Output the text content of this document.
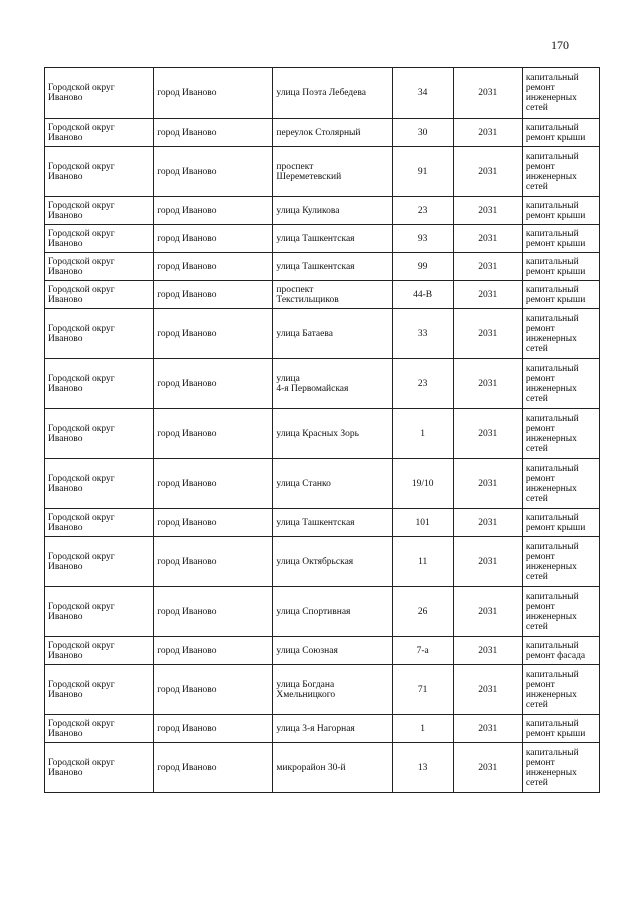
170
Городской округ
Иваново	город Иваново	улица Поэта Лебедева	34	2031	капитальный
ремонт
инженерных
сетей

Городской округ
Иваново	город Иваново	переулок Столярный	30	2031	капитальный
ремонт крыши

Городской округ
Иваново	город Иваново	проспект
Шереметевский	91	2031	капитальный
ремонт
инженерных
сетей

Городской округ
Иваново	город Иваново	улица Куликова	23	2031	капитальный
ремонт крыши

Городской округ
Иваново	город Иваново	улица Ташкентская	93	2031	капитальный
ремонт крыши

Городской округ
Иваново	город Иваново	улица Ташкентская	99	2031	капитальный
ремонт крыши

Городской округ
Иваново	город Иваново	проспект
Текстильщиков	44-В	2031	капитальный
ремонт крыши

Городской округ
Иваново	город Иваново	улица Батаева	33	2031	капитальный
ремонт
инженерных
сетей

Городской округ
Иваново	город Иваново	улица
4-я Первомайская	23	2031	капитальный
ремонт
инженерных
сетей

Городской округ
Иваново	город Иваново	улица Красных Зорь	1	2031	капитальный
ремонт
инженерных
сетей

Городской округ
Иваново	город Иваново	улица Станко	19/10	2031	капитальный
ремонт
инженерных
сетей

Городской округ
Иваново	город Иваново	улица Ташкентская	101	2031	капитальный
ремонт крыши

Городской округ
Иваново	город Иваново	улица Октябрьская	11	2031	капитальный
ремонт
инженерных
сетей

Городской округ
Иваново	город Иваново	улица Спортивная	26	2031	капитальный
ремонт
инженерных
сетей

Городской округ
Иваново	город Иваново	улица Союзная	7-а	2031	капитальный
ремонт фасада

Городской округ
Иваново	город Иваново	улица Богдана
Хмельницкого	71	2031	капитальный
ремонт
инженерных
сетей

Городской округ
Иваново	город Иваново	улица 3-я Нагорная	1	2031	капитальный
ремонт крыши

Городской округ
Иваново	город Иваново	микрорайон 30-й	13	2031	капитальный
ремонт
инженерных
сетей
